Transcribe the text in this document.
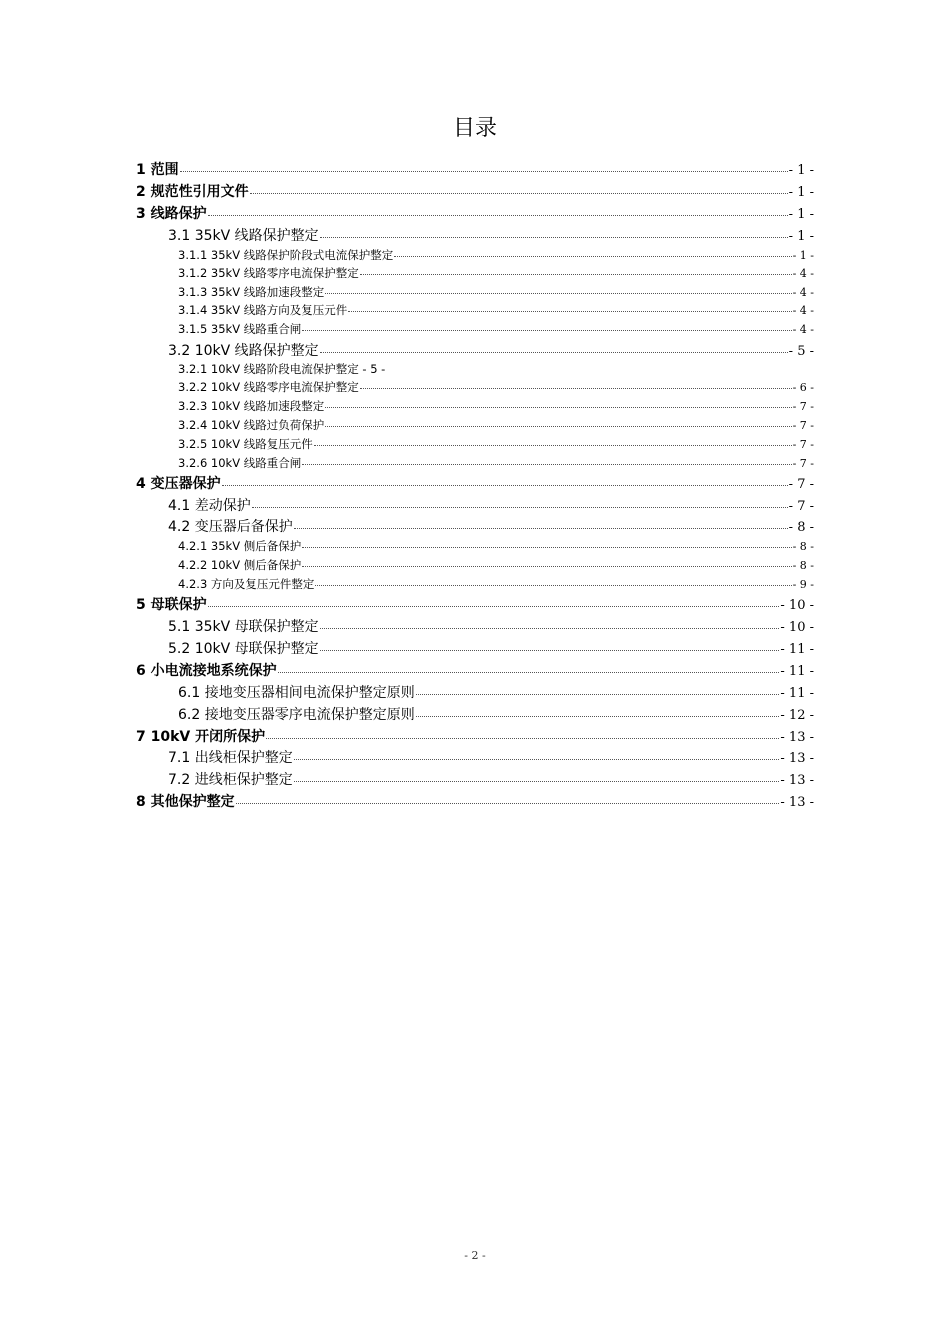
目录
1 范围	- 1 -
2 规范性引用文件	- 1 -
3 线路保护	- 1 -
3.1 35kV 线路保护整定	- 1 -
3.1.1 35kV 线路保护阶段式电流保护整定	- 1 -
3.1.2 35kV 线路零序电流保护整定	- 4 -
3.1.3 35kV 线路加速段整定	- 4 -
3.1.4 35kV 线路方向及复压元件	- 4 -
3.1.5 35kV 线路重合闸	- 4 -
3.2 10kV 线路保护整定	- 5 -
3.2.1 10kV 线路阶段电流保护整定 - 5 -
3.2.2 10kV 线路零序电流保护整定	- 6 -
3.2.3 10kV 线路加速段整定	- 7 -
3.2.4 10kV 线路过负荷保护	- 7 -
3.2.5 10kV 线路复压元件	- 7 -
3.2.6 10kV 线路重合闸	- 7 -
4 变压器保护	- 7 -
4.1 差动保护	- 7 -
4.2 变压器后备保护	- 8 -
4.2.1 35kV 侧后备保护	- 8 -
4.2.2 10kV 侧后备保护	- 8 -
4.2.3 方向及复压元件整定	- 9 -
5 母联保护	- 10 -
5.1 35kV 母联保护整定	- 10 -
5.2 10kV 母联保护整定	- 11 -
6 小电流接地系统保护	- 11 -
6.1 接地变压器相间电流保护整定原则	- 11 -
6.2 接地变压器零序电流保护整定原则	- 12 -
7 10kV 开闭所保护	- 13 -
7.1 出线柜保护整定	- 13 -
7.2 进线柜保护整定	- 13 -
8 其他保护整定	- 13 -
- 2 -
